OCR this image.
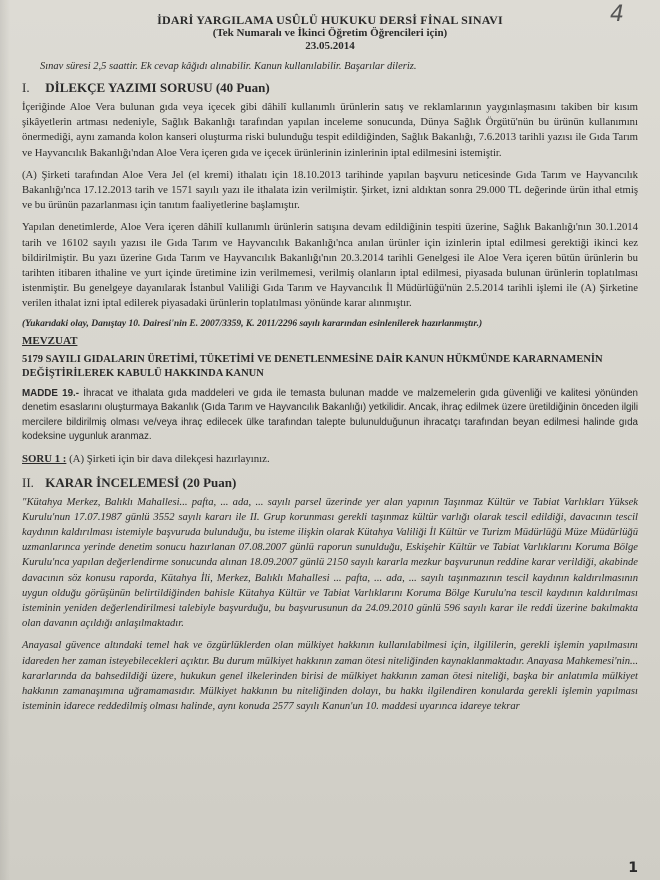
4
İDARİ YARGILAMA USÛLÜ HUKUKU DERSİ FİNAL SINAVI
(Tek Numaralı ve İkinci Öğretim Öğrencileri için)
23.05.2014
Sınav süresi 2,5 saattir. Ek cevap kâğıdı alınabilir. Kanun kullanılabilir. Başarılar dileriz.
I. DİLEKÇE YAZIMI SORUSU (40 Puan)

İçeriğinde Aloe Vera bulunan gıda veya içecek gibi dâhilî kullanımlı ürünlerin satış ve reklamlarının yaygınlaşmasını takiben bir kısım şikâyetlerin artması nedeniyle, Sağlık Bakanlığı tarafından yapılan inceleme sonucunda, Dünya Sağlık Örgütü'nün bu ürünün kullanımını önermediği, aynı zamanda kolon kanseri oluşturma riski bulunduğu tespit edildiğinden, Sağlık Bakanlığı, 7.6.2013 tarihli yazısı ile Gıda Tarım ve Hayvancılık Bakanlığı'ndan Aloe Vera içeren gıda ve içecek ürünlerinin izinlerinin iptal edilmesini istemiştir.

(A) Şirketi tarafından Aloe Vera Jel (el kremi) ithalatı için 18.10.2013 tarihinde yapılan başvuru neticesinde Gıda Tarım ve Hayvancılık Bakanlığı'nca 17.12.2013 tarih ve 1571 sayılı yazı ile ithalata izin verilmiştir. Şirket, izni aldıktan sonra 29.000 TL değerinde ürün ithal etmiş ve bu ürünün pazarlanması için tanıtım faaliyetlerine başlamıştır.

Yapılan denetimlerde, Aloe Vera içeren dâhilî kullanımlı ürünlerin satışına devam edildiğinin tespiti üzerine, Sağlık Bakanlığı'nın 30.1.2014 tarih ve 16102 sayılı yazısı ile Gıda Tarım ve Hayvancılık Bakanlığı'nca anılan ürünler için izinlerin iptal edilmesi gerektiği ikinci kez bildirilmiştir. Bu yazı üzerine Gıda Tarım ve Hayvancılık Bakanlığı'nın 20.3.2014 tarihli Genelgesi ile Aloe Vera içeren bütün ürünlerin bu tarihten itibaren ithaline ve yurt içinde üretimine izin verilmemesi, verilmiş olanların iptal edilmesi, piyasada bulunan ürünlerin toplatılması istenmiştir. Bu genelgeye dayanılarak İstanbul Valiliği Gıda Tarım ve Hayvancılık İl Müdürlüğü'nün 2.5.2014 tarihli işlemi ile (A) Şirketine verilen ithalat izni iptal edilerek piyasadaki ürünlerin toplatılması yönünde karar alınmıştır.

(Yukarıdaki olay, Danıştay 10. Dairesi'nin E. 2007/3359, K. 2011/2296 sayılı kararından esinlenilerek hazırlanmıştır.)

MEVZUAT
5179 SAYILI GIDALARIN ÜRETİMİ, TÜKETİMİ VE DENETLENMESİNE DAİR KANUN HÜKMÜNDE KARARNAMENİN DEĞİŞTİRİLEREK KABULÜ HAKKINDA KANUN

MADDE 19.- İhracat ve ithalata gıda maddeleri ve gıda ile temasta bulunan madde ve malzemelerin gıda güvenliği ve kalitesi yönünden denetim esaslarını oluşturmaya Bakanlık (Gıda Tarım ve Hayvancılık Bakanlığı) yetkilidir. Ancak, ihraç edilmek üzere üretildiğinin önceden ilgili mercilere bildirilmiş olması ve/veya ihraç edilecek ülke tarafından talepte bulunulduğunun ihracatçı tarafından beyan edilmesi halinde gıda kodeksine uygunluk aranmaz.

SORU 1 : (A) Şirketi için bir dava dilekçesi hazırlayınız.
II. KARAR İNCELEMESİ (20 Puan)

"Kütahya Merkez, Balıklı Mahallesi... pafta, ... ada, ... sayılı parsel üzerinde yer alan yapının Taşınmaz Kültür ve Tabiat Varlıkları Yüksek Kurulu'nun 17.07.1987 günlü 3552 sayılı kararı ile II. Grup korunması gerekli taşınmaz kültür varlığı olarak tescil edildiği, davacının tescil kaydının kaldırılması istemiyle başvuruda bulunduğu, bu isteme ilişkin olarak Kütahya Valiliği İl Kültür ve Turizm Müdürlüğü Müze Müdürlüğü uzmanlarınca yerinde denetim sonucu hazırlanan 07.08.2007 günlü raporun sunulduğu, Eskişehir Kültür ve Tabiat Varlıklarını Koruma Bölge Kurulu'nca yapılan değerlendirme sonucunda alınan 18.09.2007 günlü 2150 sayılı kararla mezkur başvurunun reddine karar verildiği, akabinde davacının söz konusu raporda, Kütahya İli, Merkez, Balıklı Mahallesi ... pafta, ... ada, ... sayılı taşınmazının tescil kaydının kaldırılmasının uygun olduğu görüşünün belirtildiğinden bahisle Kütahya Kültür ve Tabiat Varlıklarını Koruma Bölge Kurulu'na tescil kaydının kaldırılması isteminin yeniden değerlendirilmesi talebiyle başvurduğu, bu başvurusunun da 24.09.2010 günlü 596 sayılı karar ile reddi üzerine bakılmakta olan davanın açıldığı anlaşılmaktadır.

Anayasal güvence altındaki temel hak ve özgürlüklerden olan mülkiyet hakkının kullanılabilmesi için, ilgililerin, gerekli işlemin yapılmasını idareden her zaman isteyebilecekleri açıktır. Bu durum mülkiyet hakkının zaman ötesi niteliğinden kaynaklanmaktadır. Anayasa Mahkemesi'nin... kararlarında da bahsedildiği üzere, hukukun genel ilkelerinden birisi de mülkiyet hakkının zaman ötesi niteliği, başka bir anlatımla mülkiyet hakkının zamanaşımına uğramamasıdır. Mülkiyet hakkının bu niteliğinden dolayı, bu hakkı ilgilendiren konularda gerekli işlemin yapılması isteminin idarece reddedilmiş olması halinde, aynı konuda 2577 sayılı Kanun'un 10. maddesi uyarınca idareye tekrar

1
